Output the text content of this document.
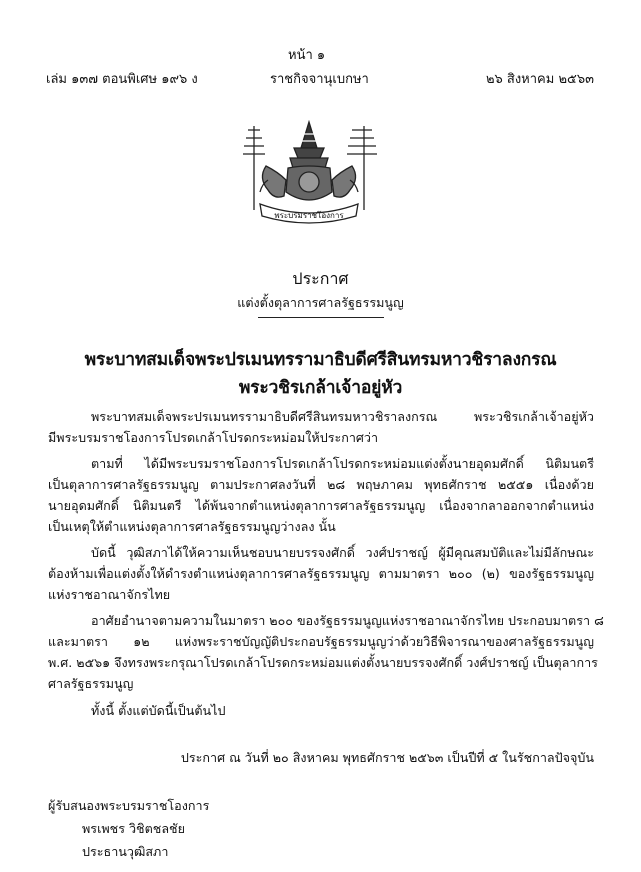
หน้า ๑
เล่ม ๑๓๗ ตอนพิเศษ ๑๙๖ ง	ราชกิจจานุเบกษา	๒๖ สิงหาคม ๒๕๖๓
พระบรมราชโองการ
ประกาศ
แต่งตั้งตุลาการศาลรัฐธรรมนูญ
พระบาทสมเด็จพระปรเมนทรรามาธิบดีศรีสินทรมหาวชิราลงกรณ
พระวชิรเกล้าเจ้าอยู่หัว
พระบาทสมเด็จพระปรเมนทรรามาธิบดีศรีสินทรมหาวชิราลงกรณ พระวชิรเกล้าเจ้าอยู่หัว
มีพระบรมราชโองการโปรดเกล้าโปรดกระหม่อมให้ประกาศว่า
ตามที่ ได้มีพระบรมราชโองการโปรดเกล้าโปรดกระหม่อมแต่งตั้งนายอุดมศักดิ์ นิติมนตรี
เป็นตุลาการศาลรัฐธรรมนูญ ตามประกาศลงวันที่ ๒๘ พฤษภาคม พุทธศักราช ๒๕๕๑ เนื่องด้วย
นายอุดมศักดิ์ นิติมนตรี ได้พ้นจากตำแหน่งตุลาการศาลรัฐธรรมนูญ เนื่องจากลาออกจากตำแหน่ง
เป็นเหตุให้ตำแหน่งตุลาการศาลรัฐธรรมนูญว่างลง นั้น
บัดนี้ วุฒิสภาได้ให้ความเห็นชอบนายบรรจงศักดิ์ วงศ์ปราชญ์ ผู้มีคุณสมบัติและไม่มีลักษณะ
ต้องห้ามเพื่อแต่งตั้งให้ดำรงตำแหน่งตุลาการศาลรัฐธรรมนูญ ตามมาตรา ๒๐๐ (๒) ของรัฐธรรมนูญ
แห่งราชอาณาจักรไทย
อาศัยอำนาจตามความในมาตรา ๒๐๐ ของรัฐธรรมนูญแห่งราชอาณาจักรไทย ประกอบมาตรา ๘
และมาตรา ๑๒ แห่งพระราชบัญญัติประกอบรัฐธรรมนูญว่าด้วยวิธีพิจารณาของศาลรัฐธรรมนูญ
พ.ศ. ๒๕๖๑ จึงทรงพระกรุณาโปรดเกล้าโปรดกระหม่อมแต่งตั้งนายบรรจงศักดิ์ วงศ์ปราชญ์ เป็นตุลาการ
ศาลรัฐธรรมนูญ
ทั้งนี้ ตั้งแต่บัดนี้เป็นต้นไป
ประกาศ ณ วันที่ ๒๐ สิงหาคม พุทธศักราช ๒๕๖๓ เป็นปีที่ ๕ ในรัชกาลปัจจุบัน
ผู้รับสนองพระบรมราชโองการ
พรเพชร วิชิตชลชัย
ประธานวุฒิสภา
